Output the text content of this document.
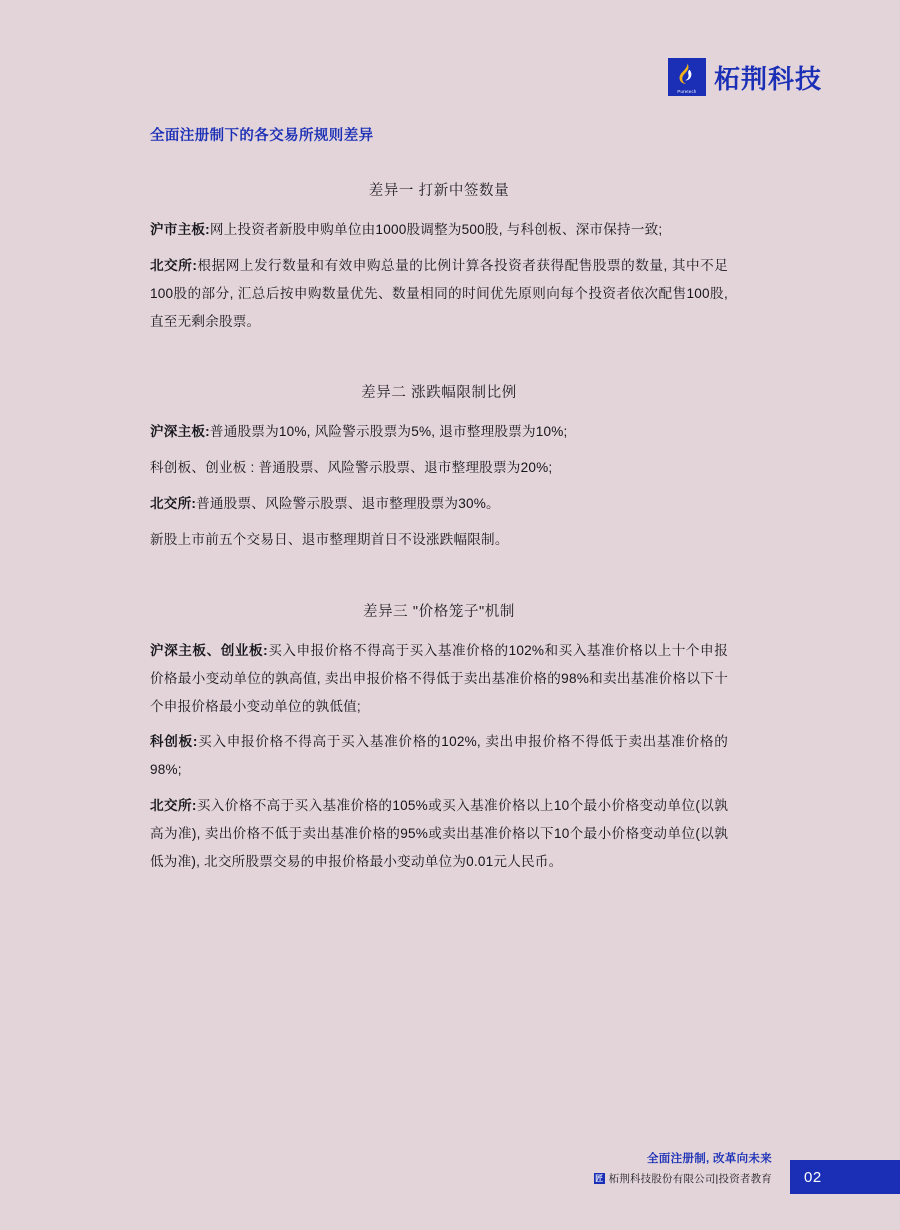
Puretech 柘荆科技
全面注册制下的各交易所规则差异
差异一 打新中签数量

沪市主板:网上投资者新股申购单位由1000股调整为500股, 与科创板、深市保持一致;

北交所:根据网上发行数量和有效申购总量的比例计算各投资者获得配售股票的数量, 其中不足100股的部分, 汇总后按申购数量优先、数量相同的时间优先原则向每个投资者依次配售100股, 直至无剩余股票。

差异二 涨跌幅限制比例

沪深主板:普通股票为10%, 风险警示股票为5%, 退市整理股票为10%;

科创板、创业板 : 普通股票、风险警示股票、退市整理股票为20%;

北交所:普通股票、风险警示股票、退市整理股票为30%。

新股上市前五个交易日、退市整理期首日不设涨跌幅限制。

差异三 "价格笼子"机制

沪深主板、创业板:买入申报价格不得高于买入基准价格的102%和买入基准价格以上十个申报价格最小变动单位的孰高值, 卖出申报价格不得低于卖出基准价格的98%和卖出基准价格以下十个申报价格最小变动单位的孰低值;

科创板:买入申报价格不得高于买入基准价格的102%, 卖出申报价格不得低于卖出基准价格的98%;

北交所:买入价格不高于买入基准价格的105%或买入基准价格以上10个最小价格变动单位(以孰高为准), 卖出价格不低于卖出基准价格的95%或卖出基准价格以下10个最小价格变动单位(以孰低为准), 北交所股票交易的申报价格最小变动单位为0.01元人民币。

全面注册制, 改革向未来
匠 柘荆科技股份有限公司|投资者教育	02
